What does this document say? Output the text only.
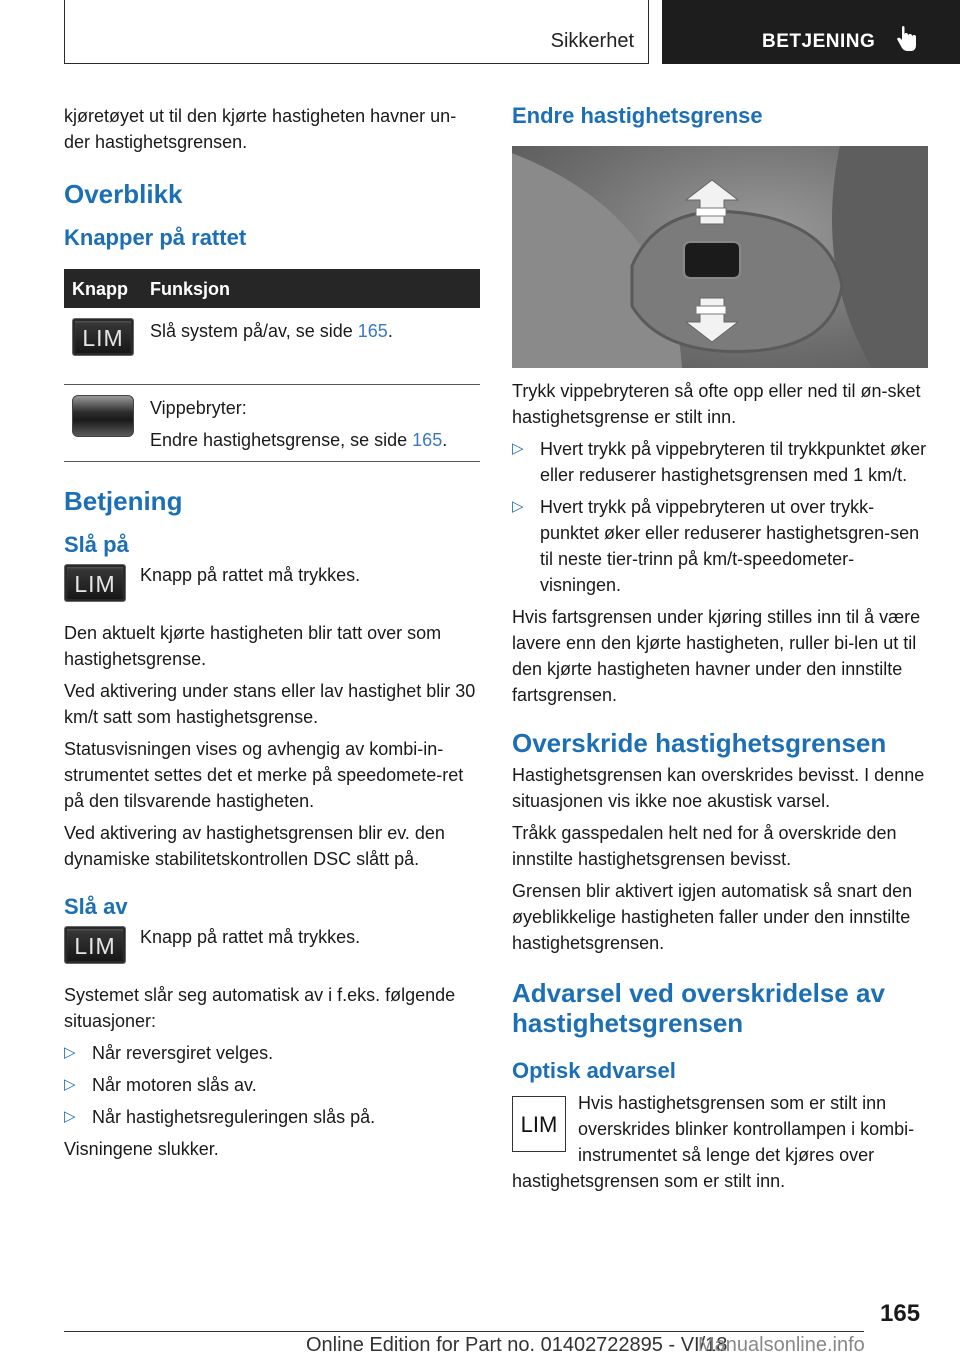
Sikkerhet	BETJENING

kjøretøyet ut til den kjørte hastigheten havner un-der hastighetsgrensen.

Overblikk
Knapper på rattet
Knapp	Funksjon
LIM	Slå system på/av, se side 165.

	Vippebryter:
Endre hastighetsgrense, se side 165.
Betjening
Slå på
LIM	Knapp på rattet må trykkes.

Den aktuelt kjørte hastigheten blir tatt over som hastighetsgrense.

Ved aktivering under stans eller lav hastighet blir 30 km/t satt som hastighetsgrense.

Statusvisningen vises og avhengig av kombi-in-strumentet settes det et merke på speedomete-ret på den tilsvarende hastigheten.

Ved aktivering av hastighetsgrensen blir ev. den dynamiske stabilitetskontrollen DSC slått på.

Slå av
LIM	Knapp på rattet må trykkes.

Systemet slår seg automatisk av i f.eks. følgende situasjoner:

▷ Når reversgiret velges.
▷ Når motoren slås av.
▷ Når hastighetsreguleringen slås på.

Visningene slukker.

Endre hastighetsgrense

Trykk vippebryteren så ofte opp eller ned til øn-sket hastighetsgrense er stilt inn.

▷ Hvert trykk på vippebryteren til trykkpunktet øker eller reduserer hastighetsgrensen med 1 km/t.
▷ Hvert trykk på vippebryteren ut over trykk-punktet øker eller reduserer hastighetsgren-sen til neste tier-trinn på km/t-speedometer-visningen.

Hvis fartsgrensen under kjøring stilles inn til å være lavere enn den kjørte hastigheten, ruller bi-len ut til den kjørte hastigheten havner under den innstilte fartsgrensen.

Overskride hastighetsgrensen

Hastighetsgrensen kan overskrides bevisst. I denne situasjonen vis ikke noe akustisk varsel.

Tråkk gasspedalen helt ned for å overskride den innstilte hastighetsgrensen bevisst.

Grensen blir aktivert igjen automatisk så snart den øyeblikkelige hastigheten faller under den innstilte hastighetsgrensen.

Advarsel ved overskridelse av hastighetsgrensen
Optisk advarsel
LIM

Hvis hastighetsgrensen som er stilt inn overskrides blinker kontrollampen i kombi-instrumentet så lenge det kjøres over hastighetsgrensen som er stilt inn.

165
Online Edition for Part no. 01402722895 - VI/18
Manualsonline.info
